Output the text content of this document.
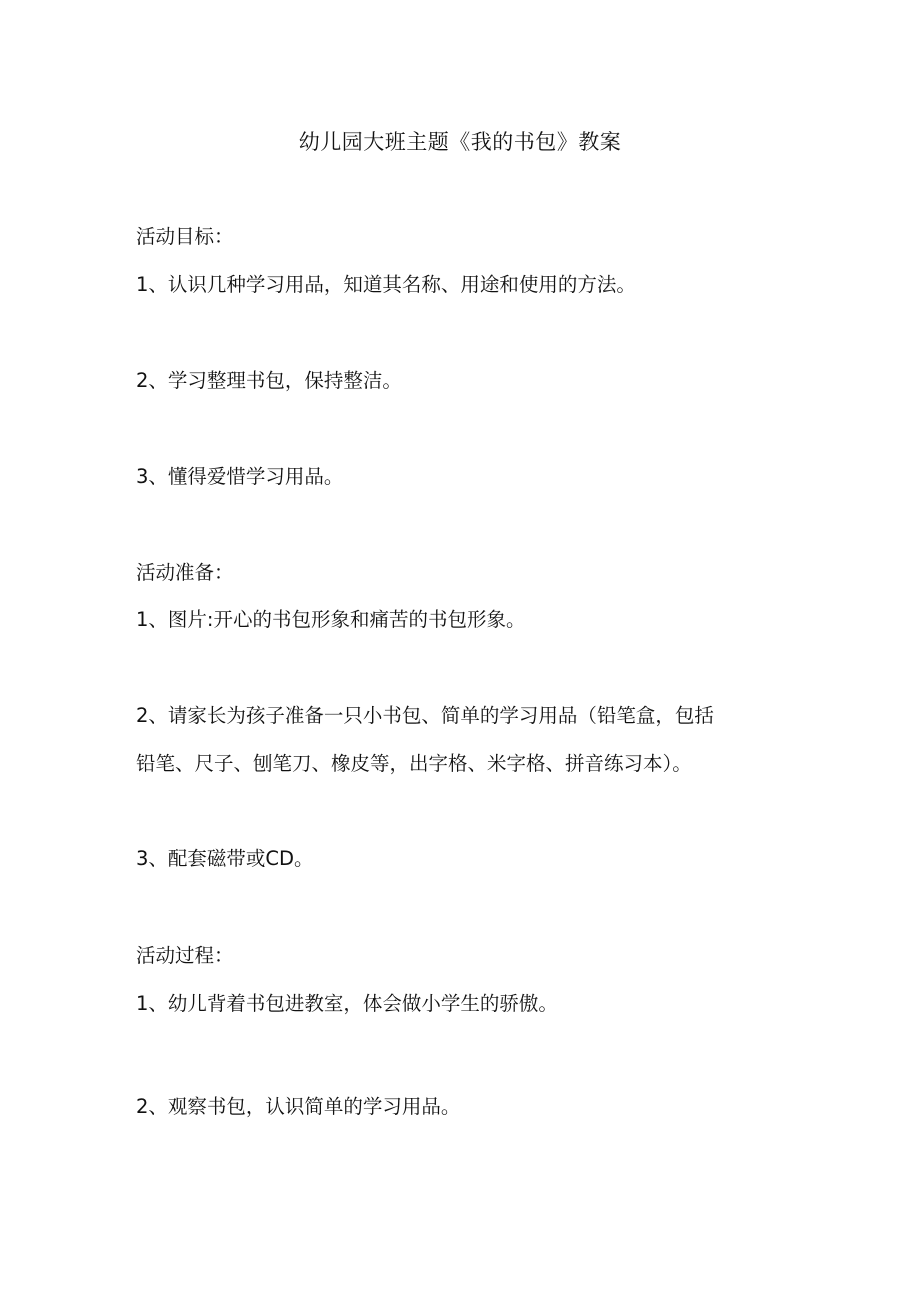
幼儿园大班主题《我的书包》教案
活动目标：
1、认识几种学习用品，知道其名称、用途和使用的方法。
2、学习整理书包，保持整洁。
3、懂得爱惜学习用品。
活动准备：
1、图片:开心的书包形象和痛苦的书包形象。
2、请家长为孩子准备一只小书包、简单的学习用品（铅笔盒，包括
铅笔、尺子、刨笔刀、橡皮等，出字格、米字格、拼音练习本）。
3、配套磁带或CD。
活动过程：
1、幼儿背着书包进教室，体会做小学生的骄傲。
2、观察书包，认识简单的学习用品。
